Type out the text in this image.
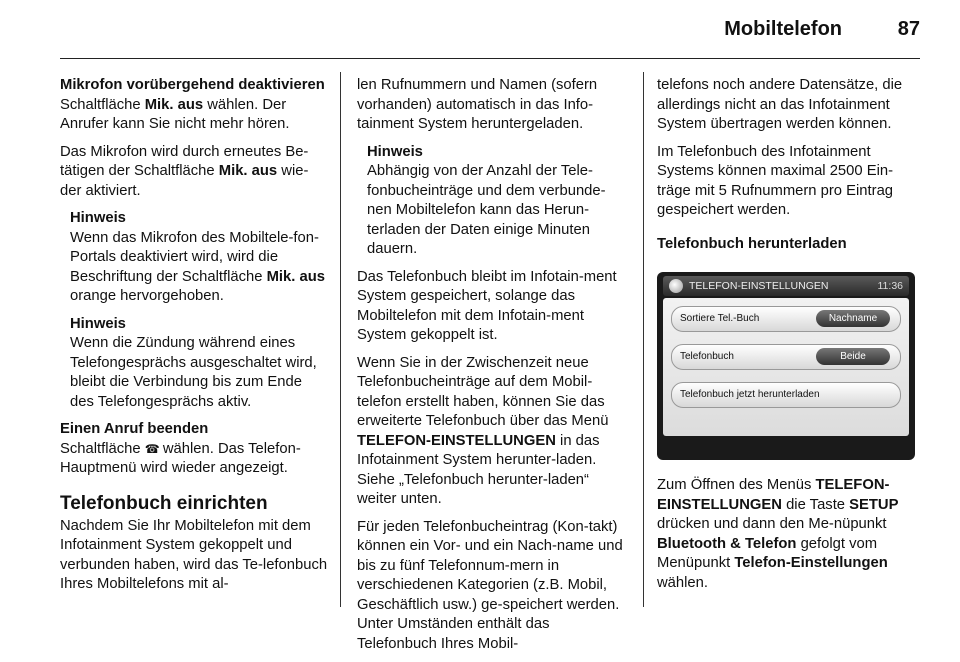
Mobiltelefon	87
Mikrofon vorübergehend deaktivieren

Schaltfläche Mik. aus wählen. Der Anrufer kann Sie nicht mehr hören.

Das Mikrofon wird durch erneutes Be-tätigen der Schaltfläche Mik. aus wie-der aktiviert.

Hinweis

Wenn das Mikrofon des Mobiltele-fon-Portals deaktiviert wird, wird die Beschriftung der Schaltfläche Mik. aus orange hervorgehoben.

Hinweis

Wenn die Zündung während eines Telefongesprächs ausgeschaltet wird, bleibt die Verbindung bis zum Ende des Telefongesprächs aktiv.

Einen Anruf beenden

Schaltfläche ☎ wählen. Das Telefon-Hauptmenü wird wieder angezeigt.

Telefonbuch einrichten

Nachdem Sie Ihr Mobiltelefon mit dem Infotainment System gekoppelt und verbunden haben, wird das Te-lefonbuch Ihres Mobiltelefons mit al-

len Rufnummern und Namen (sofern vorhanden) automatisch in das Info-tainment System heruntergeladen.

Hinweis

Abhängig von der Anzahl der Tele-fonbucheinträge und dem verbunde-nen Mobiltelefon kann das Herun-terladen der Daten einige Minuten dauern.

Das Telefonbuch bleibt im Infotain-ment System gespeichert, solange das Mobiltelefon mit dem Infotain-ment System gekoppelt ist.

Wenn Sie in der Zwischenzeit neue Telefonbucheinträge auf dem Mobil-telefon erstellt haben, können Sie das erweiterte Telefonbuch über das Menü TELEFON-EINSTELLUNGEN in das Infotainment System herunter-laden. Siehe „Telefonbuch herunter-laden“ weiter unten.

Für jeden Telefonbucheintrag (Kon-takt) können ein Vor- und ein Nach-name und bis zu fünf Telefonnum-mern in verschiedenen Kategorien (z.B. Mobil, Geschäftlich usw.) ge-speichert werden. Unter Umständen enthält das Telefonbuch Ihres Mobil-

telefons noch andere Datensätze, die allerdings nicht an das Infotainment System übertragen werden können.

Im Telefonbuch des Infotainment Systems können maximal 2500 Ein-träge mit 5 Rufnummern pro Eintrag gespeichert werden.

Telefonbuch herunterladen
TELEFON-EINSTELLUNGEN	11:36
Sortiere Tel.-Buch	Nachname
Telefonbuch	Beide
Telefonbuch jetzt herunterladen

Zum Öffnen des Menüs TELEFON-EINSTELLUNGEN die Taste SETUP drücken und dann den Me-nüpunkt Bluetooth & Telefon gefolgt vom Menüpunkt Telefon-Einstellungen wählen.
